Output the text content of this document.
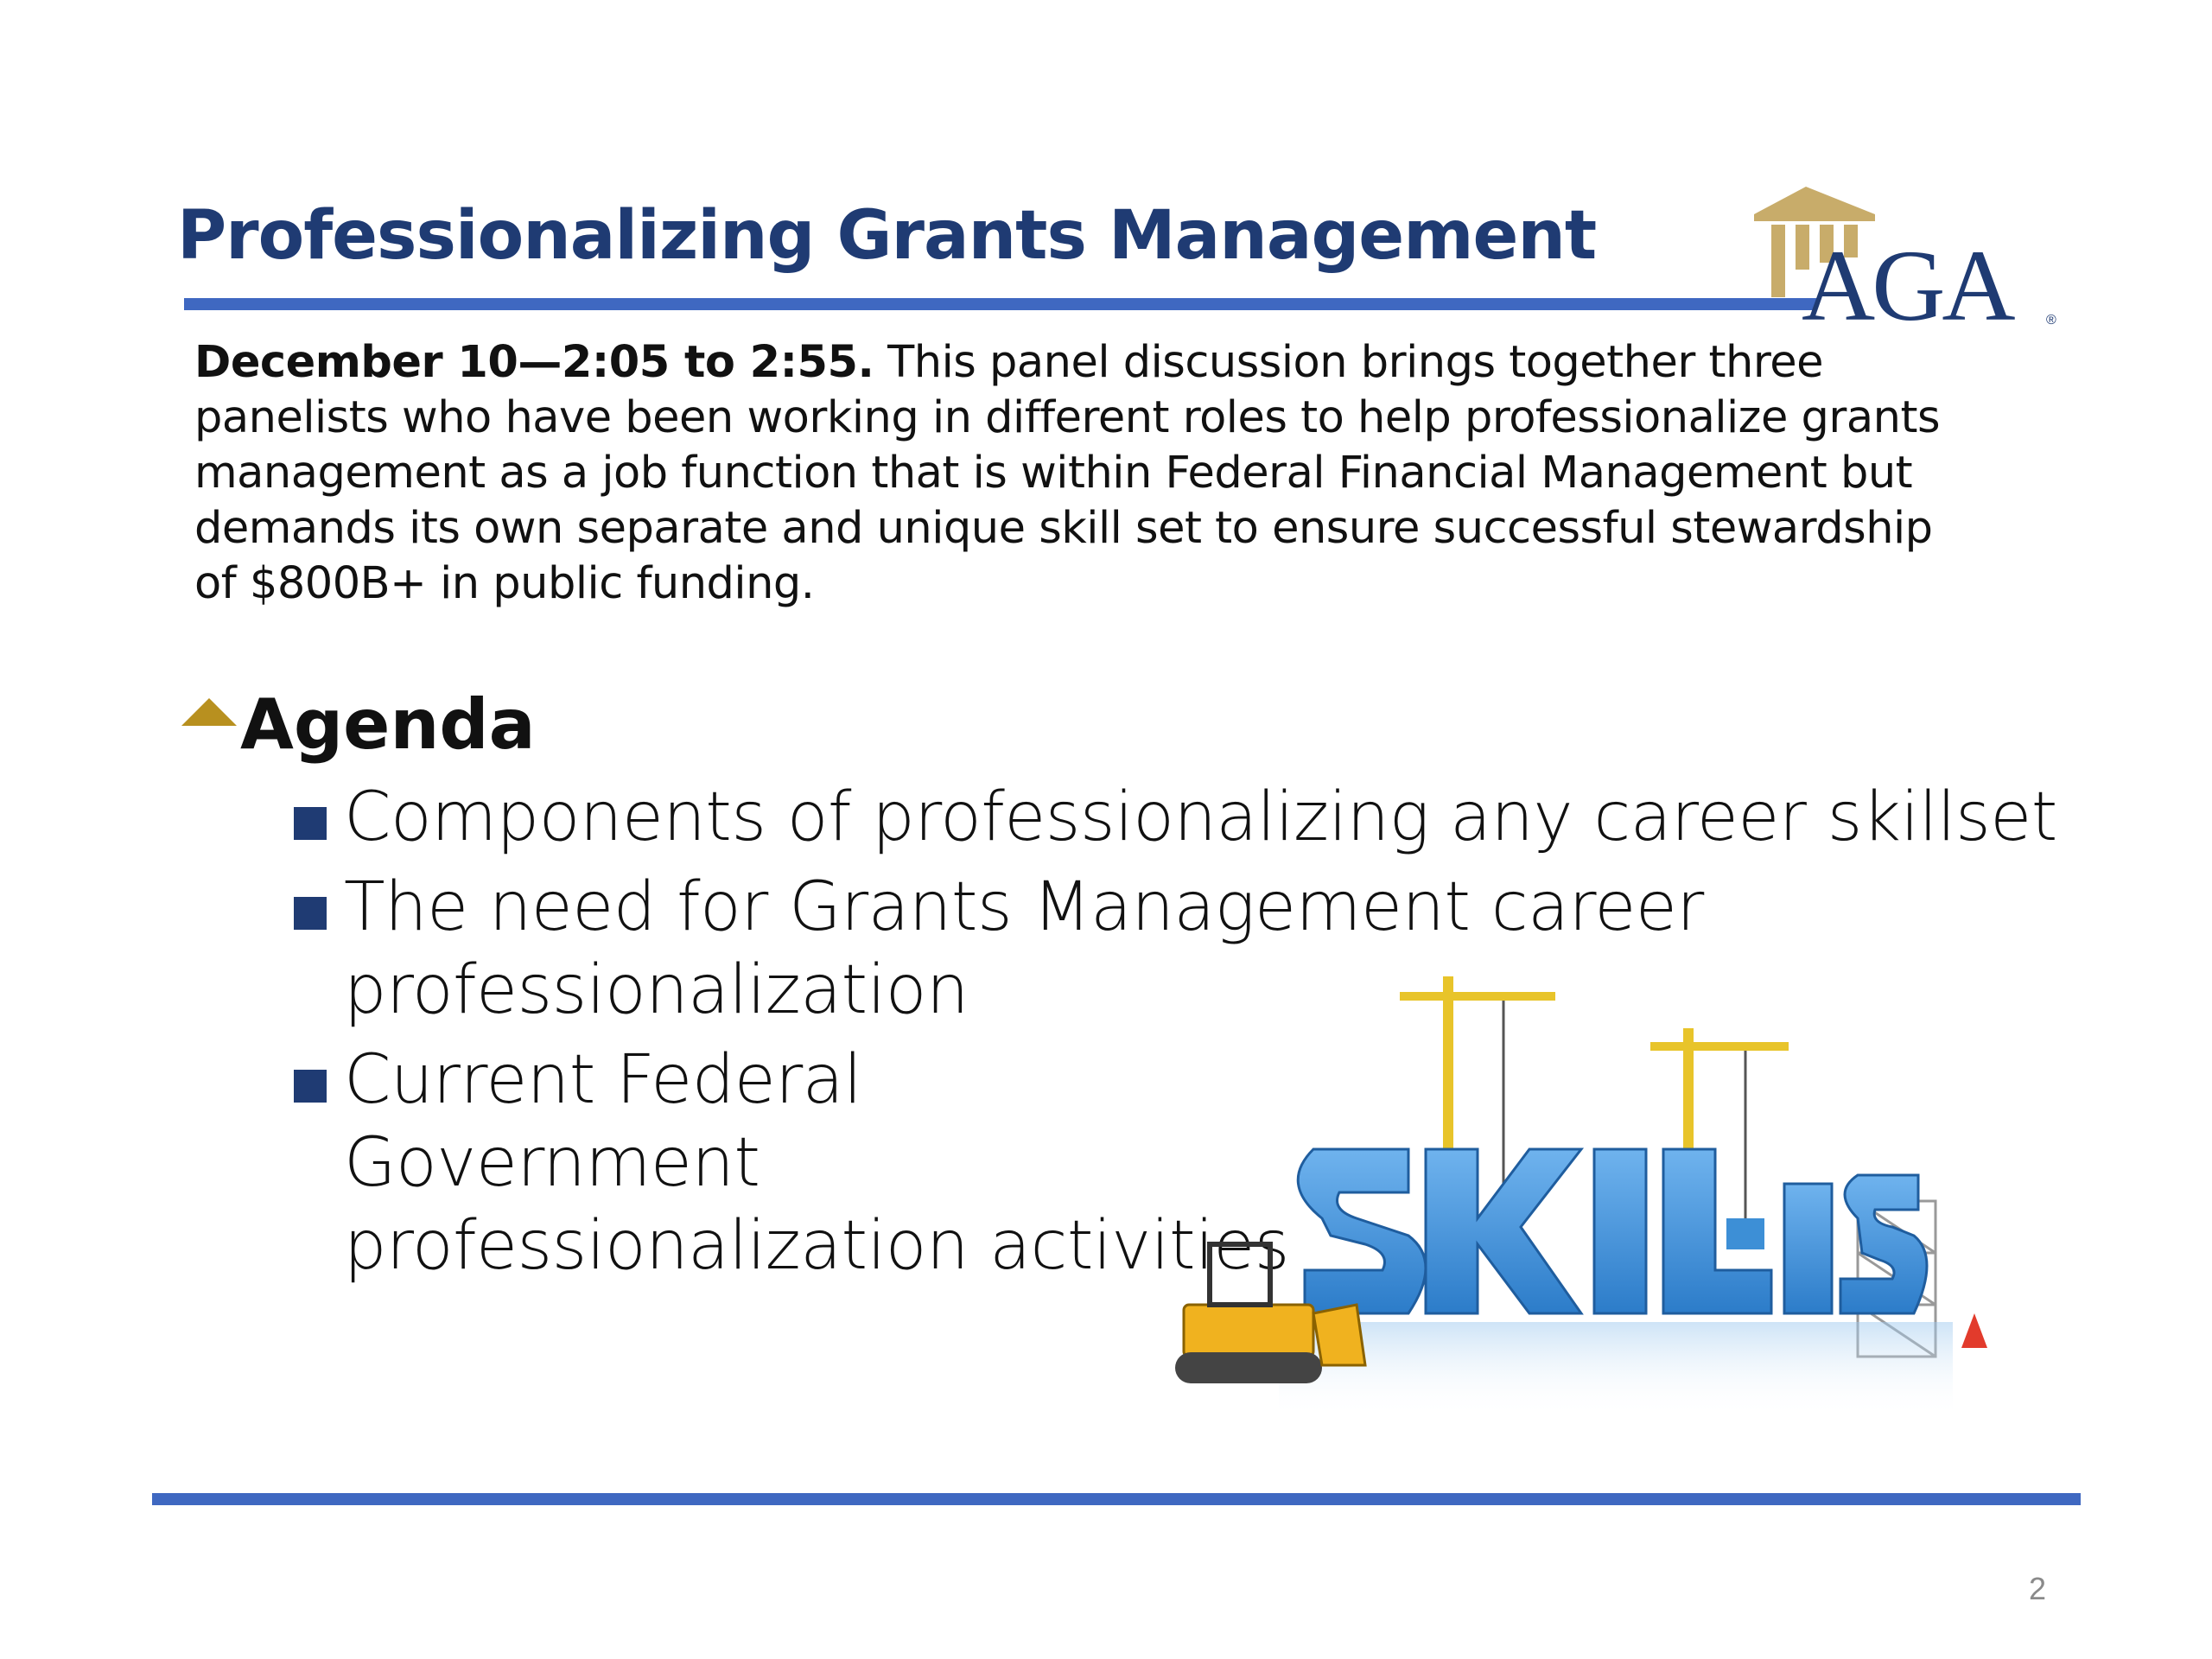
Professionalizing Grants Management AGA ®
December 10—2:05 to 2:55. This panel discussion brings together three panelists who have been working in different roles to help professionalize grants management as a job function that is within Federal Financial Management but demands its own separate and unique skill set to ensure successful stewardship of $800B+ in public funding.
Agenda
Components of professionalizing any career skillset
The need for Grants Management career professionalization
Current Federal Government professionalization activities
2
